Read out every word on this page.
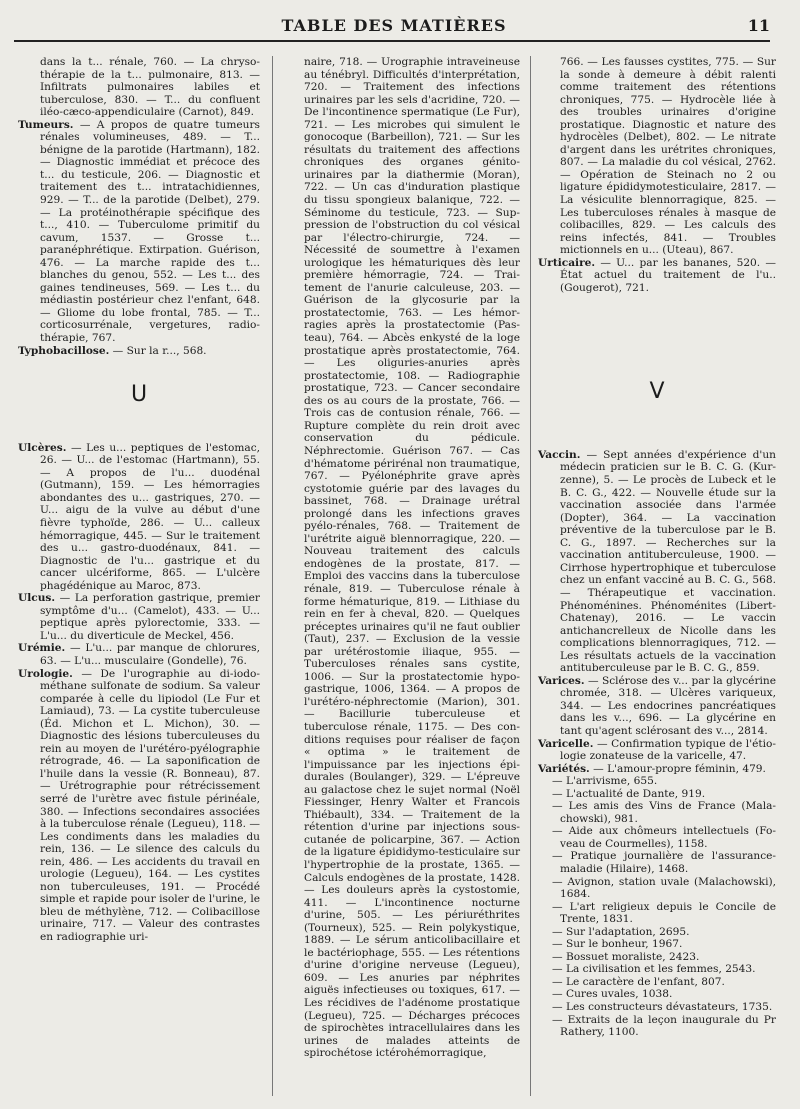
TABLE DES MATIÈRES	11

dans la t... rénale, 760. — La chrysothérapie de la t... pulmonaire, 813. — Infiltrats pulmonaires labiles et tuberculose, 830. — T... du confluent iléo-cæco-appendiculaire (Carnot), 849.

Tumeurs. — A propos de quatre tumeurs rénales volumineuses, 489. — T... bénigne de la parotide (Hartmann), 182. — Diagnostic immédiat et précoce des t... du testicule, 206. — Diagnostic et traitement des t... intratachidiennes, 929. — T... de la parotide (Delbet), 279. — La protéinothérapie spécifique des t..., 410. — Tuberculome primitif du cavum, 1537. — Grosse t... paranéphrétique. Extirpation. Guérison, 476. — La marche rapide des t... blanches du genou, 552. — Les t... des gaines tendineuses, 569. — Les t... du médiastin postérieur chez l'enfant, 648. — Gliome du lobe frontal, 785. — T... corticosurrénale, vergetures, radiothérapie, 767.

Typhobacillose. — Sur la r..., 568.

U

Ulcères. — Les u... peptiques de l'estomac, 26. — U... de l'estomac (Hartmann), 55. — A propos de l'u... duodénal (Gutmann), 159. — Les hémorragies abondantes des u... gastriques, 270. — U... aigu de la vulve au début d'une fièvre typhoïde, 286. — U... calleux hémorragique, 445. — Sur le traitement des u... gastro-duodénaux, 841. — Diagnostic de l'u... gastrique et du cancer ulcériforme, 865. — L'ulcère phagédénique au Maroc, 873.

Ulcus. — La perforation gastrique, premier symptôme d'u... (Camelot), 433. — U... peptique après pylorectomie, 333. — L'u... du diverticule de Meckel, 456.

Urémie. — L'u... par manque de chlorures, 63. — L'u... musculaire (Gondelle), 76.

Urologie. — De l'urographie au di-iodométhane sulfonate de sodium. Sa valeur comparée à celle du lipiodol (Le Fur et Lamiaud), 73. — La cystite tuberculeuse (Éd. Michon et L. Michon), 30. — Diagnostic des lésions tuberculeuses du rein au moyen de l'urétéro-pyélographie rétrograde, 46. — La saponification de l'huile dans la vessie (R. Bonneau), 87. — Urétrographie pour rétrécissement serré de l'urètre avec fistule périnéale, 380. — Infections secondaires associées à la tuberculose rénale (Legueu), 118. — Les condiments dans les maladies du rein, 136. — Le silence des calculs du rein, 486. — Les accidents du travail en urologie (Legueu), 164. — Les cystites non tuberculeuses, 191. — Procédé simple et rapide pour isoler de l'urine, le bleu de méthylène, 712. — Colibacillose urinaire, 717. — Valeur des contrastes en radiographie uri-

naire, 718. — Urographie intraveineuse au ténébryl. Difficultés d'interprétation, 720. — Traitement des infections urinaires par les sels d'acridine, 720. — De l'incontinence spermatique (Le Fur), 721. — Les microbes qui simulent le gonocoque (Barbeillon), 721. — Sur les résultats du traitement des affections chroniques des organes génito-urinaires par la diathermie (Moran), 722. — Un cas d'induration plastique du tissu spongieux balanique, 722. — Séminome du testicule, 723. — Suppression de l'obstruction du col vésical par l'électro-chirurgie, 724. — Nécessité de soumettre à l'examen urologique les hématuriques dès leur première hémorragie, 724. — Traitement de l'anurie calculeuse, 203. — Guérison de la glycosurie par la prostatectomie, 763. — Les hémorragies après la prostatectomie (Pasteau), 764. — Abcès enkysté de la loge prostatique après prostatectomie, 764. — Les oliguries-anuries après prostatectomie, 108. — Radiographie prostatique, 723. — Cancer secondaire des os au cours de la prostate, 766. — Trois cas de contusion rénale, 766. — Rupture complète du rein droit avec conservation du pédicule. Néphrectomie. Guérison 767. — Cas d'hématome périrénal non traumatique, 767. — Pyélonéphrite grave après cystotomie guérie par des lavages du bassinet, 768. — Drainage urétral prolongé dans les infections graves pyélo-rénales, 768. — Traitement de l'urétrite aiguë blennorragique, 220. — Nouveau traitement des calculs endogènes de la prostate, 817. — Emploi des vaccins dans la tuberculose rénale, 819. — Tuberculose rénale à forme hématurique, 819. — Lithiase du rein en fer à cheval, 820. — Quelques préceptes urinaires qu'il ne faut oublier (Taut), 237. — Exclusion de la vessie par urétérostomie iliaque, 955. — Tuberculoses rénales sans cystite, 1006. — Sur la prostatectomie hypogastrique, 1006, 1364. — A propos de l'urétéro-néphrectomie (Marion), 301. — Bacillurie tuberculeuse et tuberculose rénale, 1175. — Des conditions requises pour réaliser de façon « optima » le traitement de l'impuissance par les injections épidurales (Boulanger), 329. — L'épreuve au galactose chez le sujet normal (Noël Fiessinger, Henry Walter et Francois Thiébault), 334. — Traitement de la rétention d'urine par injections sous-cutanée de policarpine, 367. — Action de la ligature épididymo-testiculaire sur l'hypertrophie de la prostate, 1365. — Calculs endogènes de la prostate, 1428. — Les douleurs après la cystostomie, 411. — L'incontinence nocturne d'urine, 505. — Les périuréthrites (Tourneux), 525. — Rein polykystique, 1889. — Le sérum anticolibacillaire et le bactériophage, 555. — Les rétentions d'urine d'origine nerveuse (Legueu), 609. — Les anuries par néphrites aiguës infectieuses ou toxiques, 617. — Les récidives de l'adénome prostatique (Legueu), 725. — Décharges précoces de spirochètes intracellulaires dans les urines de malades atteints de spirochétose ictérohémorragique,

766. — Les fausses cystites, 775. — Sur la sonde à demeure à débit ralenti comme traitement des rétentions chroniques, 775. — Hydrocèle liée à des troubles urinaires d'origine prostatique. Diagnostic et nature des hydrocèles (Delbet), 802. — Le nitrate d'argent dans les urétrites chroniques, 807. — La maladie du col vésical, 2762. — Opération de Steinach no 2 ou ligature épididymotesticulaire, 2817. — La vésiculite blennorragique, 825. — Les tuberculoses rénales à masque de colibacilles, 829. — Les calculs des reins infectés, 841. — Troubles mictionnels en u... (Uteau), 867.

Urticaire. — U... par les bananes, 520. — État actuel du traitement de l'u.. (Gougerot), 721.

V

Vaccin. — Sept années d'expérience d'un médecin praticien sur le B. C. G. (Kurzenne), 5. — Le procès de Lubeck et le B. C. G., 422. — Nouvelle étude sur la vaccination associée dans l'armée (Dopter), 364. — La vaccination préventive de la tuberculose par le B. C. G., 1897. — Recherches sur la vaccination antituberculeuse, 1900. — Cirrhose hypertrophique et tuberculose chez un enfant vacciné au B. C. G., 568. — Thérapeutique et vaccination. Phénoménines. Phénoménites (Libert-Chatenay), 2016. — Le vaccin antichancrelleux de Nicolle dans les complications blennorragiques, 712. — Les résultats actuels de la vaccination antituberculeuse par le B. C. G., 859.

Varices. — Sclérose des v... par la glycérine chromée, 318. — Ulcères variqueux, 344. — Les endocrines pancréatiques dans les v..., 696. — La glycérine en tant qu'agent sclérosant des v..., 2814.

Varicelle. — Confirmation typique de l'étiologie zonateuse de la varicelle, 47.

Variétés. — L'amour-propre féminin, 479.

— L'arrivisme, 655.

— L'actualité de Dante, 919.

— Les amis des Vins de France (Malachowski), 981.

— Aide aux chômeurs intellectuels (Foveau de Courmelles), 1158.

— Pratique journalière de l'assurance-maladie (Hilaire), 1468.

— Avignon, station uvale (Malachowski), 1684.

— L'art religieux depuis le Concile de Trente, 1831.

— Sur l'adaptation, 2695.

— Sur le bonheur, 1967.

— Bossuet moraliste, 2423.

— La civilisation et les femmes, 2543.

— Le caractère de l'enfant, 807.

— Cures uvales, 1038.

— Les constructeurs dévastateurs, 1735.

— Extraits de la leçon inaugurale du Pr Rathery, 1100.
